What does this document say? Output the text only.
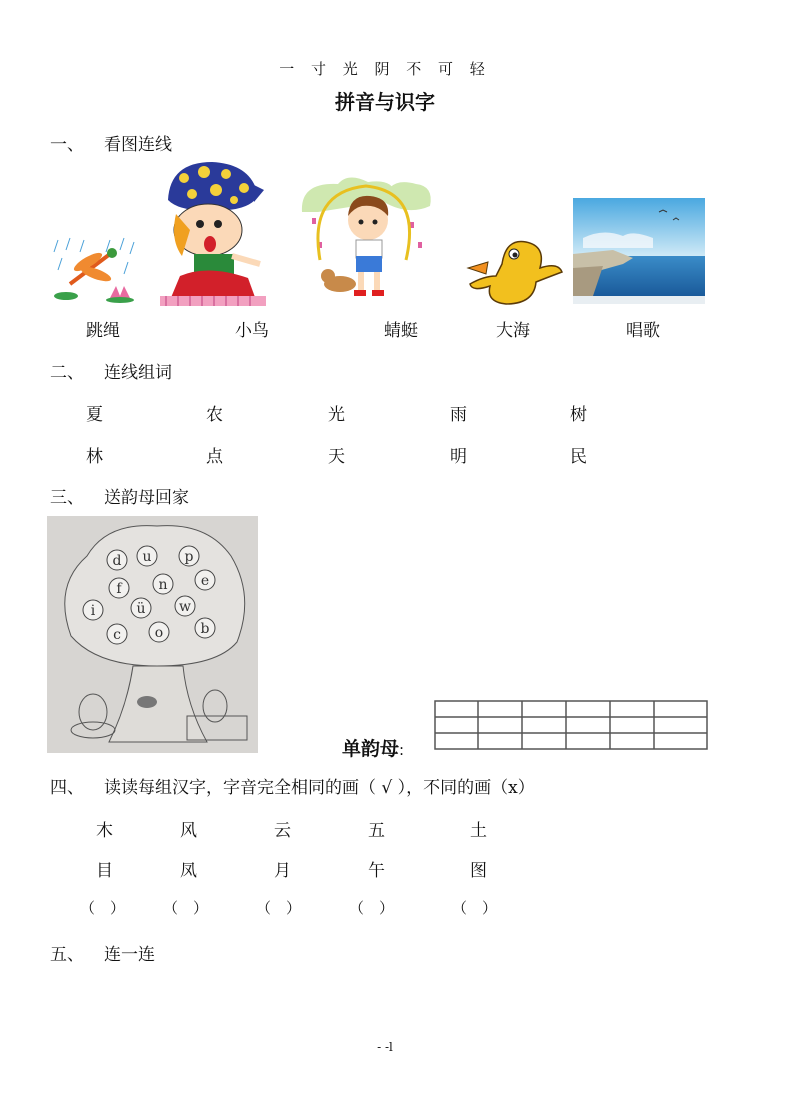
一 寸 光 阴 不 可 轻
拼音与识字
一、 看图连线
跳绳	小鸟	蜻蜓	大海	唱歌
二、 连线组词
夏	农	光	雨	树
林	点	天	明	民
三、 送韵母回家
d u p
f	n e
i	ü w
c o	b
单韵母:
四、 读读每组汉字，字音完全相同的画（ √ ），不同的画（x）
木	风	云	五	土
目	凤	月	午	图
（　）	（　）	（　）	（　）	（　）
五、 连一连
- -l
